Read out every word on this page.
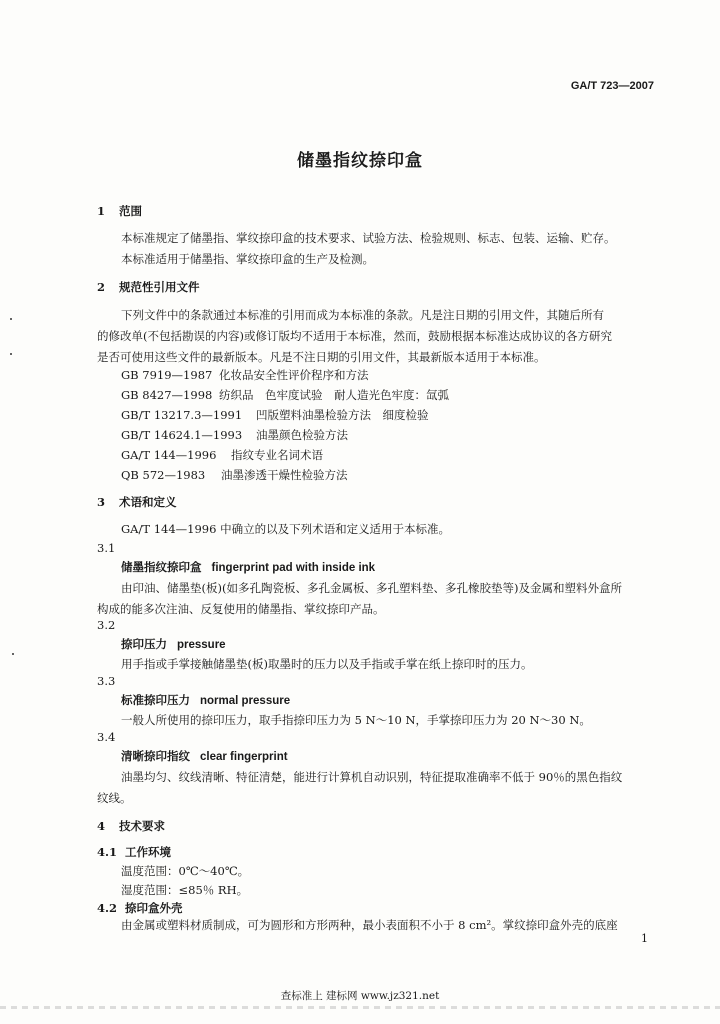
GA/T 723—2007
储墨指纹捺印盒
1 范围
本标准规定了储墨指、掌纹捺印盒的技术要求、试验方法、检验规则、标志、包装、运输、贮存。
本标准适用于储墨指、掌纹捺印盒的生产及检测。
2 规范性引用文件
下列文件中的条款通过本标准的引用而成为本标准的条款。凡是注日期的引用文件，其随后所有
的修改单(不包括勘误的内容)或修订版均不适用于本标准，然而，鼓励根据本标准达成协议的各方研究
是否可使用这些文件的最新版本。凡是不注日期的引用文件，其最新版本适用于本标准。
GB 7919—1987 化妆品安全性评价程序和方法
GB 8427—1998 纺织品　色牢度试验　耐人造光色牢度：氙弧
GB/T 13217.3—1991 凹版塑料油墨检验方法　细度检验
GB/T 14624.1—1993 油墨颜色检验方法
GA/T 144—1996 指纹专业名词术语
QB 572—1983 油墨渗透干燥性检验方法
3 术语和定义
GA/T 144—1996 中确立的以及下列术语和定义适用于本标准。
3.1
储墨指纹捺印盒 fingerprint pad with inside ink
由印油、储墨垫(板)(如多孔陶瓷板、多孔金属板、多孔塑料垫、多孔橡胶垫等)及金属和塑料外盒所
构成的能多次注油、反复使用的储墨指、掌纹捺印产品。
3.2
捺印压力 pressure
用手指或手掌接触储墨垫(板)取墨时的压力以及手指或手掌在纸上捺印时的压力。
3.3
标准捺印压力 normal pressure
一般人所使用的捺印压力，取手指捺印压力为 5 N～10 N，手掌捺印压力为 20 N～30 N。
3.4
清晰捺印指纹 clear fingerprint
油墨均匀、纹线清晰、特征清楚，能进行计算机自动识别，特征提取准确率不低于 90％的黑色指纹
纹线。
4 技术要求
4.1 工作环境
温度范围：0℃～40℃。
湿度范围：≤85％ RH。
4.2 捺印盒外壳
由金属或塑料材质制成，可为圆形和方形两种，最小表面积不小于 8 cm²。掌纹捺印盒外壳的底座
1
查标准上 建标网 www.jz321.net
